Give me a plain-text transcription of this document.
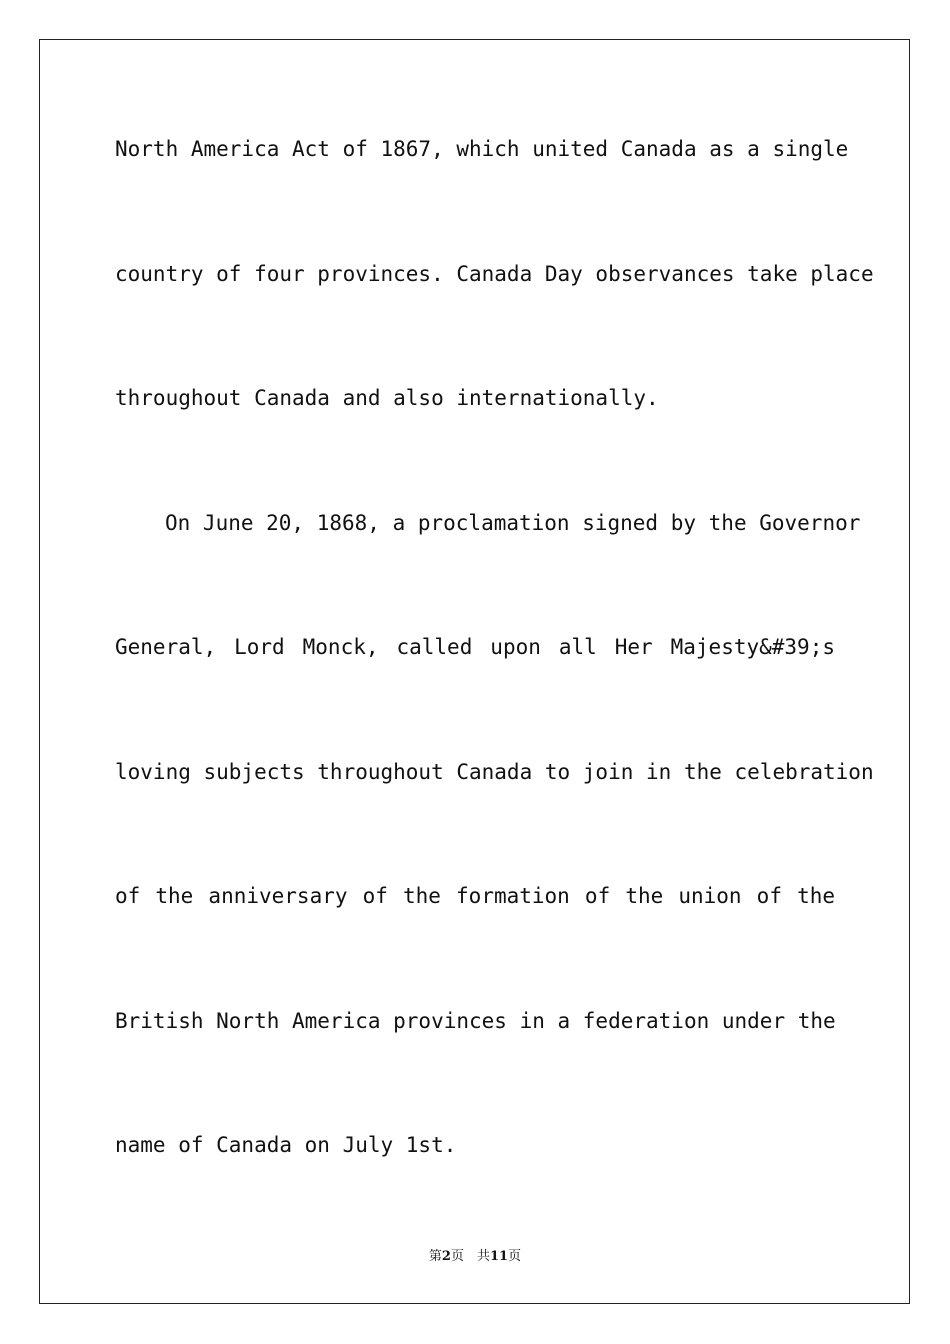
North America Act of 1867, which united Canada as a single
country of four provinces. Canada Day observances take place
throughout Canada and also internationally.
On June 20, 1868, a proclamation signed by the Governor
General, Lord Monck, called upon all Her Majesty&#39;s
loving subjects throughout Canada to join in the celebration
of the anniversary of the formation of the union of the
British North America provinces in a federation under the
name of Canada on July 1st.
第2页　共11页
